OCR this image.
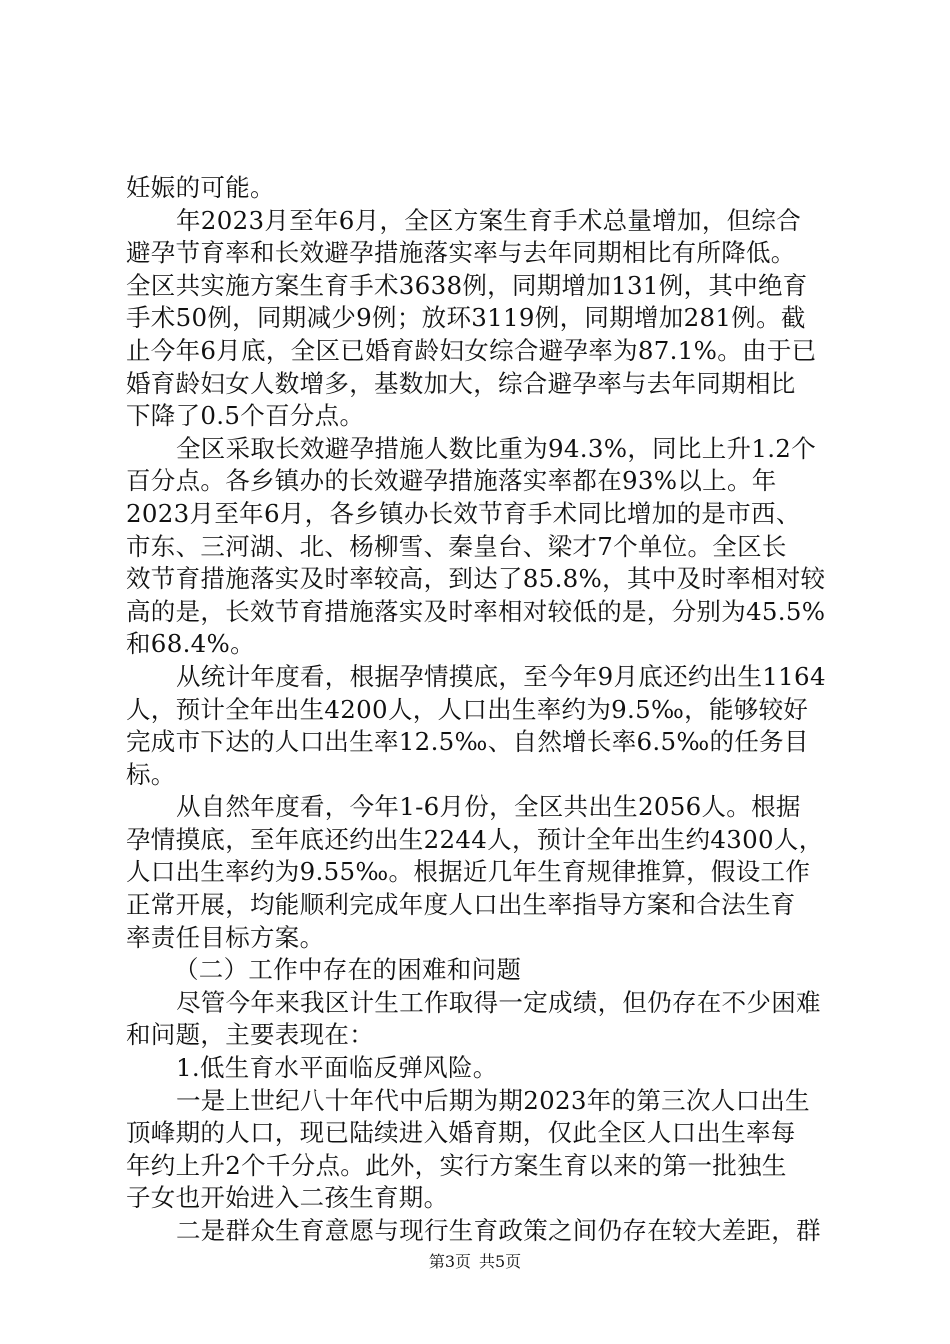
妊娠的可能。
年2023月至年6月，全区方案生育手术总量增加，但综合
避孕节育率和长效避孕措施落实率与去年同期相比有所降低。
全区共实施方案生育手术3638例，同期增加131例，其中绝育
手术50例，同期减少9例；放环3119例，同期增加281例。截
止今年6月底，全区已婚育龄妇女综合避孕率为87.1%。由于已
婚育龄妇女人数增多，基数加大，综合避孕率与去年同期相比
下降了0.5个百分点。
全区采取长效避孕措施人数比重为94.3%，同比上升1.2个
百分点。各乡镇办的长效避孕措施落实率都在93%以上。年
2023月至年6月，各乡镇办长效节育手术同比增加的是市西、
市东、三河湖、北、杨柳雪、秦皇台、梁才7个单位。全区长
效节育措施落实及时率较高，到达了85.8%，其中及时率相对较
高的是，长效节育措施落实及时率相对较低的是，分别为45.5%
和68.4%。
从统计年度看，根据孕情摸底，至今年9月底还约出生1164
人，预计全年出生4200人，人口出生率约为9.5‰，能够较好
完成市下达的人口出生率12.5‰、自然增长率6.5‰的任务目
标。
从自然年度看，今年1-6月份，全区共出生2056人。根据
孕情摸底，至年底还约出生2244人，预计全年出生约4300人，
人口出生率约为9.55‰。根据近几年生育规律推算，假设工作
正常开展，均能顺利完成年度人口出生率指导方案和合法生育
率责任目标方案。
（二）工作中存在的困难和问题
尽管今年来我区计生工作取得一定成绩，但仍存在不少困难
和问题，主要表现在：
1.低生育水平面临反弹风险。
一是上世纪八十年代中后期为期2023年的第三次人口出生
顶峰期的人口，现已陆续进入婚育期，仅此全区人口出生率每
年约上升2个千分点。此外，实行方案生育以来的第一批独生
子女也开始进入二孩生育期。
二是群众生育意愿与现行生育政策之间仍存在较大差距，群
第3页 共5页
